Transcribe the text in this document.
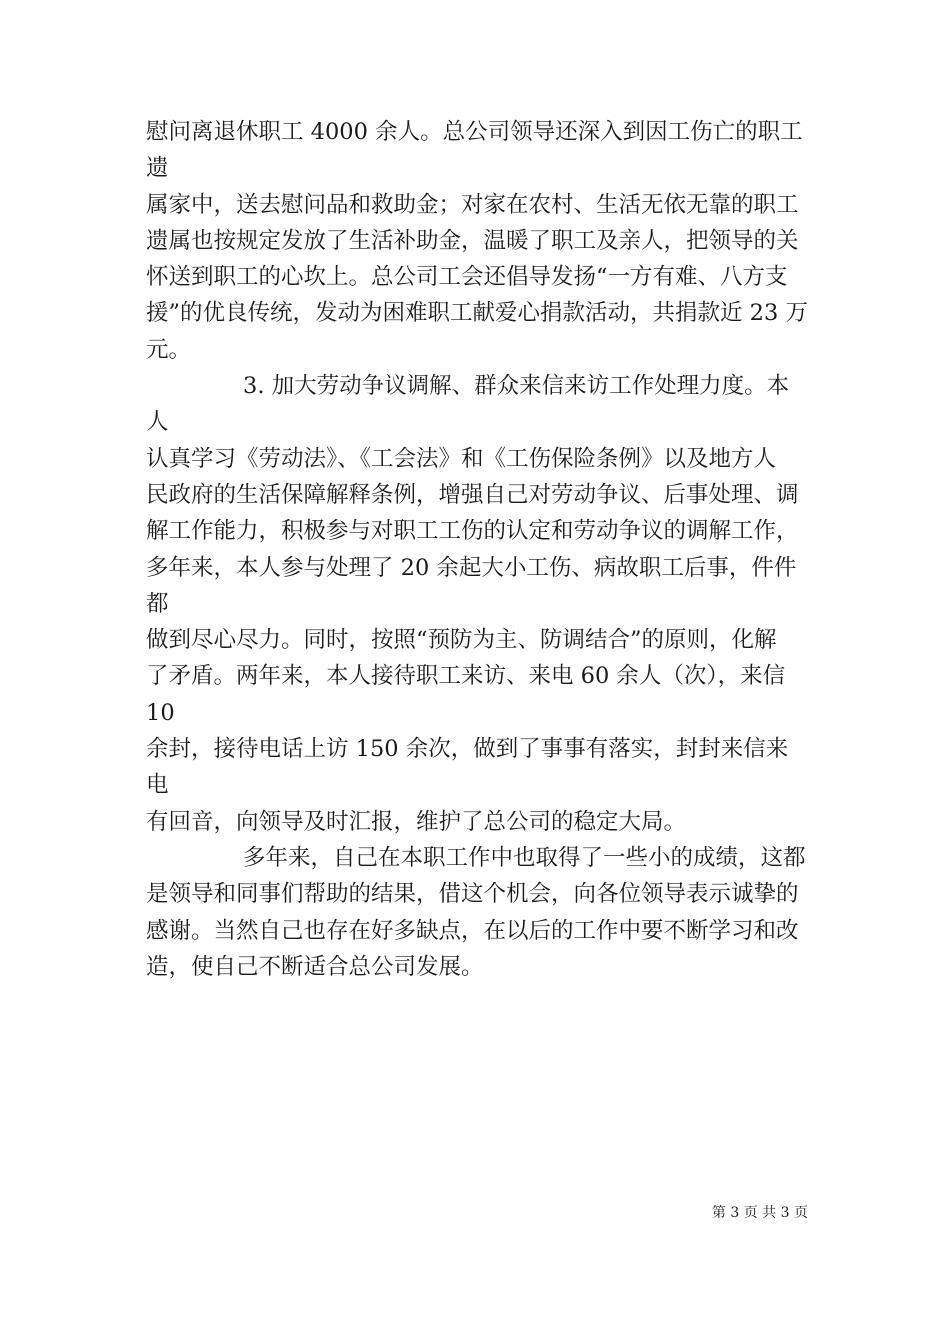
慰问离退休职工 4000 余人。总公司领导还深入到因工伤亡的职工遗
属家中，送去慰问品和救助金；对家在农村、生活无依无靠的职工
遗属也按规定发放了生活补助金，温暖了职工及亲人，把领导的关
怀送到职工的心坎上。总公司工会还倡导发扬“一方有难、八方支
援”的优良传统，发动为困难职工献爱心捐款活动，共捐款近 23 万
元。

3. 加大劳动争议调解、群众来信来访工作处理力度。本人
认真学习《劳动法》、《工会法》和《工伤保险条例》以及地方人
民政府的生活保障解释条例，增强自己对劳动争议、后事处理、调
解工作能力，积极参与对职工工伤的认定和劳动争议的调解工作，
多年来，本人参与处理了 20 余起大小工伤、病故职工后事，件件都
做到尽心尽力。同时，按照“预防为主、防调结合”的原则，化解
了矛盾。两年来，本人接待职工来访、来电 60 余人（次），来信 10
余封，接待电话上访 150 余次，做到了事事有落实，封封来信来电
有回音，向领导及时汇报，维护了总公司的稳定大局。

多年来，自己在本职工作中也取得了一些小的成绩，这都
是领导和同事们帮助的结果，借这个机会，向各位领导表示诚挚的
感谢。当然自己也存在好多缺点，在以后的工作中要不断学习和改
造，使自己不断适合总公司发展。

第 3 页 共 3 页
